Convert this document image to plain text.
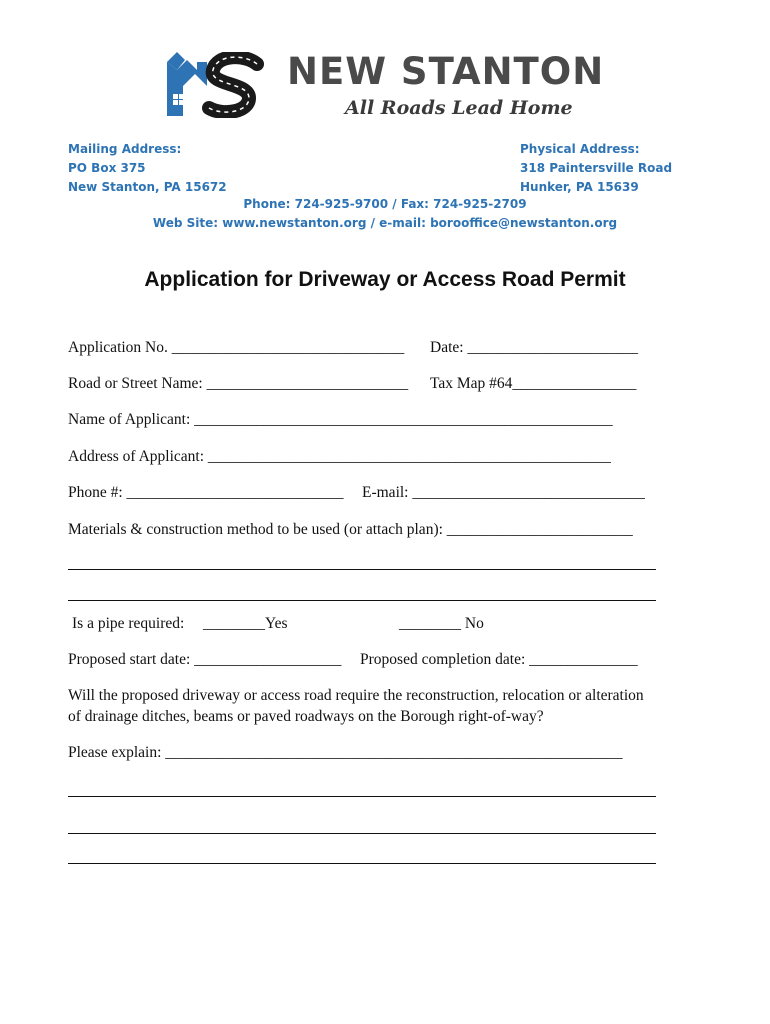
NEW STANTON
All Roads Lead Home
Mailing Address:
PO Box 375
New Stanton, PA 15672
Physical Address:
318 Paintersville Road
Hunker, PA 15639
Phone: 724-925-9700 / Fax: 724-925-2709
Web Site: www.newstanton.org / e-mail: borooffice@newstanton.org
Application for Driveway or Access Road Permit
Application No. ______________________________ Date: ______________________
Road or Street Name: __________________________ Tax Map #64________________
Name of Applicant: ______________________________________________________
Address of Applicant: ____________________________________________________
Phone #: ____________________________ E-mail: ______________________________
Materials & construction method to be used (or attach plan): ________________________
Is a pipe required: ________Yes	________ No
Proposed start date: ___________________ Proposed completion date: ______________
Will the proposed driveway or access road require the reconstruction, relocation or alteration
of drainage ditches, beams or paved roadways on the Borough right-of-way?
Please explain: ___________________________________________________________
